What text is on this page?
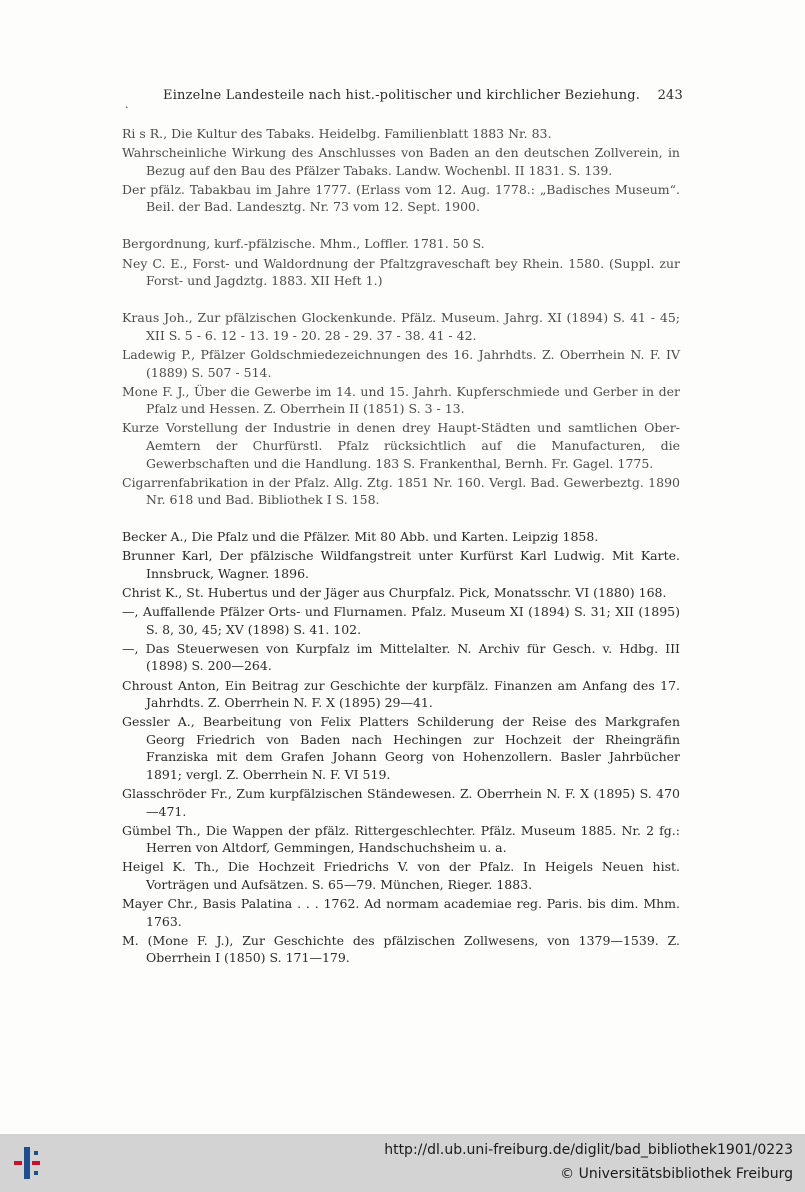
Einzelne Landesteile nach hist.-politischer und kirchlicher Beziehung. 243
˛

Ri s R., Die Kultur des Tabaks. Heidelbg. Familienblatt 1883 Nr. 83.

Wahrscheinliche Wirkung des Anschlusses von Baden an den deutschen Zollverein, in Bezug auf den Bau des Pfälzer Tabaks. Landw. Wochenbl. II 1831. S. 139.

Der pfälz. Tabakbau im Jahre 1777. (Erlass vom 12. Aug. 1778.: „Badisches Museum“. Beil. der Bad. Landesztg. Nr. 73 vom 12. Sept. 1900.

Bergordnung, kurf.-pfälzische. Mhm., Loffler. 1781. 50 S.

Ney C. E., Forst- und Waldordnung der Pfaltzgraveschaft bey Rhein. 1580. (Suppl. zur Forst- und Jagdztg. 1883. XII Heft 1.)

Kraus Joh., Zur pfälzischen Glockenkunde. Pfälz. Museum. Jahrg. XI (1894) S. 41 - 45; XII S. 5 - 6. 12 - 13. 19 - 20. 28 - 29. 37 - 38. 41 - 42.

Ladewig P., Pfälzer Goldschmiedezeichnungen des 16. Jahrhdts. Z. Oberrhein N. F. IV (1889) S. 507 - 514.

Mone F. J., Über die Gewerbe im 14. und 15. Jahrh. Kupferschmiede und Gerber in der Pfalz und Hessen. Z. Oberrhein II (1851) S. 3 - 13.

Kurze Vorstellung der Industrie in denen drey Haupt-Städten und samtlichen Ober-Aemtern der Churfürstl. Pfalz rücksichtlich auf die Manufacturen, die Gewerbschaften und die Handlung. 183 S. Frankenthal, Bernh. Fr. Gagel. 1775.

Cigarrenfabrikation in der Pfalz. Allg. Ztg. 1851 Nr. 160. Vergl. Bad. Gewerbeztg. 1890 Nr. 618 und Bad. Bibliothek I S. 158.

Becker A., Die Pfalz und die Pfälzer. Mit 80 Abb. und Karten. Leipzig 1858.

Brunner Karl, Der pfälzische Wildfangstreit unter Kurfürst Karl Ludwig. Mit Karte. Innsbruck, Wagner. 1896.

Christ K., St. Hubertus und der Jäger aus Churpfalz. Pick, Monatsschr. VI (1880) 168.

—, Auffallende Pfälzer Orts- und Flurnamen. Pfalz. Museum XI (1894) S. 31; XII (1895) S. 8, 30, 45; XV (1898) S. 41. 102.

—, Das Steuerwesen von Kurpfalz im Mittelalter. N. Archiv für Gesch. v. Hdbg. III (1898) S. 200—264.

Chroust Anton, Ein Beitrag zur Geschichte der kurpfälz. Finanzen am Anfang des 17. Jahrhdts. Z. Oberrhein N. F. X (1895) 29—41.

Gessler A., Bearbeitung von Felix Platters Schilderung der Reise des Markgrafen Georg Friedrich von Baden nach Hechingen zur Hochzeit der Rheingräfin Franziska mit dem Grafen Johann Georg von Hohenzollern. Basler Jahrbücher 1891; vergl. Z. Oberrhein N. F. VI 519.

Glasschröder Fr., Zum kurpfälzischen Ständewesen. Z. Oberrhein N. F. X (1895) S. 470—471.

Gümbel Th., Die Wappen der pfälz. Rittergeschlechter. Pfälz. Museum 1885. Nr. 2 fg.: Herren von Altdorf, Gemmingen, Handschuchsheim u. a.

Heigel K. Th., Die Hochzeit Friedrichs V. von der Pfalz. In Heigels Neuen hist. Vorträgen und Aufsätzen. S. 65—79. München, Rieger. 1883.

Mayer Chr., Basis Palatina . . . 1762. Ad normam academiae reg. Paris. bis dim. Mhm. 1763.

M. (Mone F. J.), Zur Geschichte des pfälzischen Zollwesens, von 1379—1539. Z. Oberrhein I (1850) S. 171—179.

http://dl.ub.uni-freiburg.de/diglit/bad_bibliothek1901/0223
© Universitätsbibliothek Freiburg
